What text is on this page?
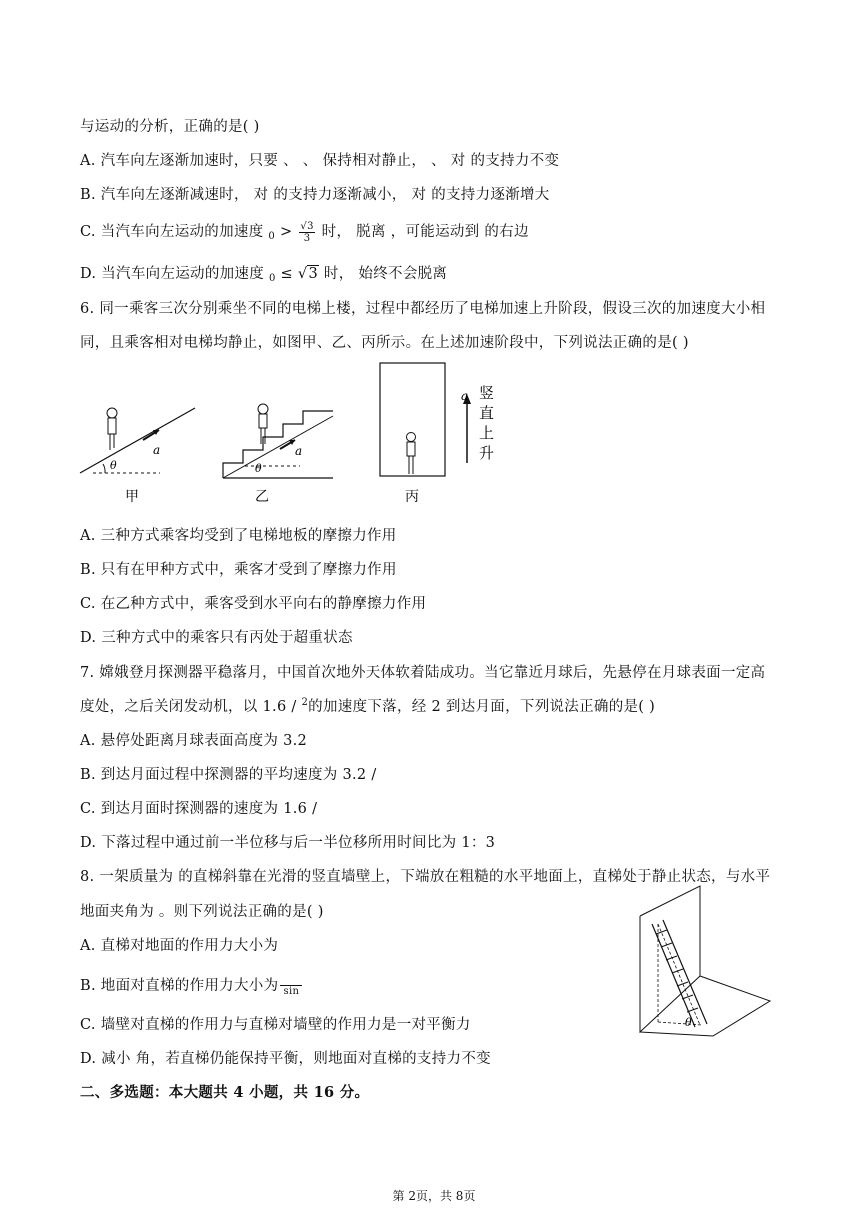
与运动的分析，正确的是( )
A. 汽车向左逐渐加速时，只要 、 、 保持相对静止， 、 对 的支持力不变
B. 汽车向左逐渐减速时， 对 的支持力逐渐减小， 对 的支持力逐渐增大
C. 当汽车向左运动的加速度 $_0 > \frac{√3}{3}$ 时， 脱离 ，可能运动到 的右边
D. 当汽车向左运动的加速度 $_0$ ≤ √3 时， 始终不会脱离
6. 同一乘客三次分别乘坐不同的电梯上楼，过程中都经历了电梯加速上升阶段，假设三次的加速度大小相
同，且乘客相对电梯均静止，如图甲、乙、丙所示。在上述加速阶段中，下列说法正确的是( )
θ
a
甲
θ
a
乙
a 竖
直
上
升
丙
A. 三种方式乘客均受到了电梯地板的摩擦力作用
B. 只有在甲种方式中，乘客才受到了摩擦力作用
C. 在乙种方式中，乘客受到水平向右的静摩擦力作用
D. 三种方式中的乘客只有丙处于超重状态
7. 嫦娥登月探测器平稳落月，中国首次地外天体软着陆成功。当它靠近月球后，先悬停在月球表面一定高
度处，之后关闭发动机，以 1.6 / $^2$的加速度下落，经 2 到达月面，下列说法正确的是( )
A. 悬停处距离月球表面高度为 3.2
B. 到达月面过程中探测器的平均速度为 3.2 /
C. 到达月面时探测器的速度为 1.6 /
D. 下落过程中通过前一半位移与后一半位移所用时间比为 1：3
8. 一架质量为 的直梯斜靠在光滑的竖直墙壁上，下端放在粗糙的水平地面上，直梯处于静止状态，与水平
地面夹角为 。则下列说法正确的是( )
A. 直梯对地面的作用力大小为
B. 地面对直梯的作用力大小为 sin
C. 墙壁对直梯的作用力与直梯对墙壁的作用力是一对平衡力
D. 减小 角，若直梯仍能保持平衡，则地面对直梯的支持力不变
θ
二、多选题：本大题共 4 小题，共 16 分。
第 2页，共 8页
